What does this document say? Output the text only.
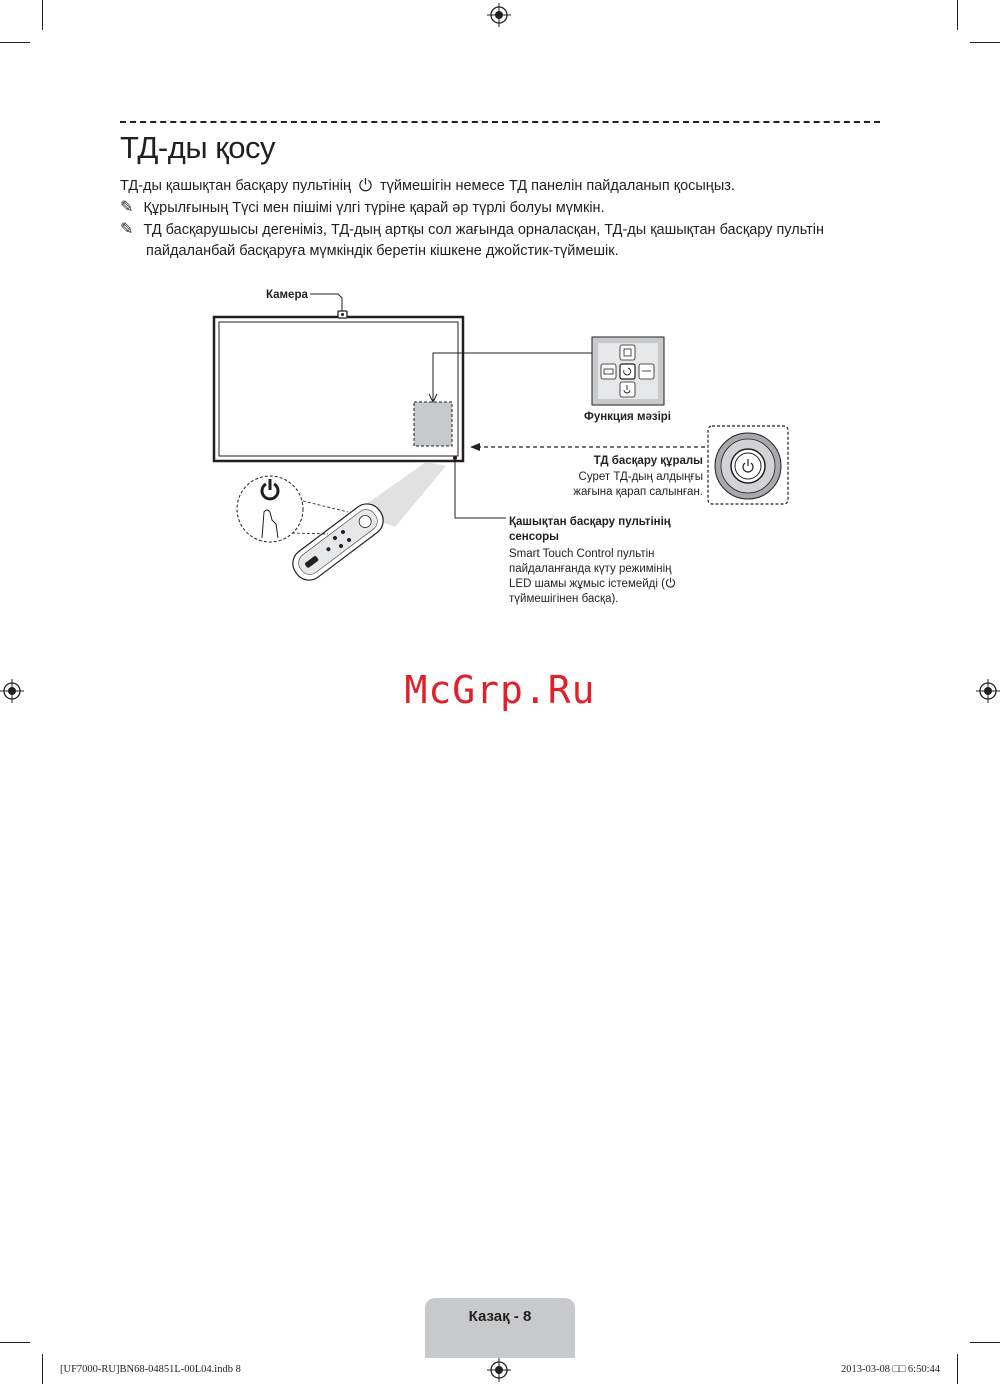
ТД-ды қосу
ТД-ды қашықтан басқару пультінің түймешігін немесе ТД панелін пайдаланып қосыңыз.
✎ Құрылғының Түсі мен пішімі үлгі түріне қарай әр түрлі болуы мүмкін.
✎ ТД басқарушысы дегеніміз, ТД-дың артқы сол жағында орналасқан, ТД-ды қашықтан басқару пультін
пайдаланбай басқаруға мүмкіндік беретін кішкене джойстик-түймешік.
Камера
Функция мәзірі
ТД басқару құралы
Сурет ТД-дың алдыңғы
жағына қарап салынған.
Қашықтан басқару пультінің
сенсоры
Smart Touch Control пультін
пайдаланғанда күту режимінің
LED шамы жұмыс істемейді (
түймешігінен басқа).
McGrp.Ru
Казақ - 8
[UF7000-RU]BN68-04851L-00L04.indb 8	2013-03-08 □□ 6:50:44
